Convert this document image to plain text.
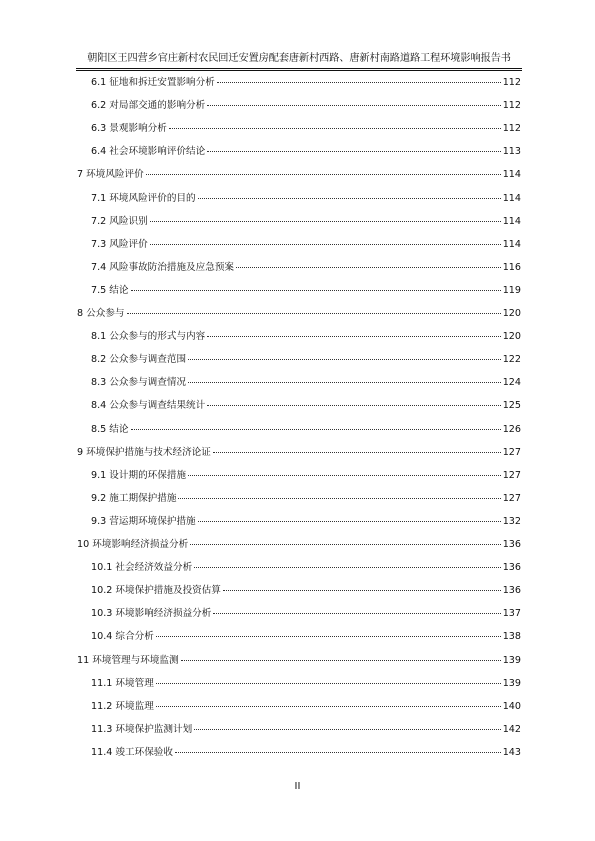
朝阳区王四营乡官庄新村农民回迁安置房配套唐新村西路、唐新村南路道路工程环境影响报告书
6.1 征地和拆迁安置影响分析	112
6.2 对局部交通的影响分析	112
6.3 景观影响分析	112
6.4 社会环境影响评价结论	113
7 环境风险评价	114
7.1 环境风险评价的目的	114
7.2 风险识别	114
7.3 风险评价	114
7.4 风险事故防治措施及应急预案	116
7.5 结论	119
8 公众参与	120
8.1 公众参与的形式与内容	120
8.2 公众参与调查范围	122
8.3 公众参与调查情况	124
8.4 公众参与调查结果统计	125
8.5 结论	126
9 环境保护措施与技术经济论证	127
9.1 设计期的环保措施	127
9.2 施工期保护措施	127
9.3 营运期环境保护措施	132
10 环境影响经济损益分析	136
10.1 社会经济效益分析	136
10.2 环境保护措施及投资估算	136
10.3 环境影响经济损益分析	137
10.4 综合分析	138
11 环境管理与环境监测	139
11.1 环境管理	139
11.2 环境监理	140
11.3 环境保护监测计划	142
11.4 竣工环保验收	143
II
